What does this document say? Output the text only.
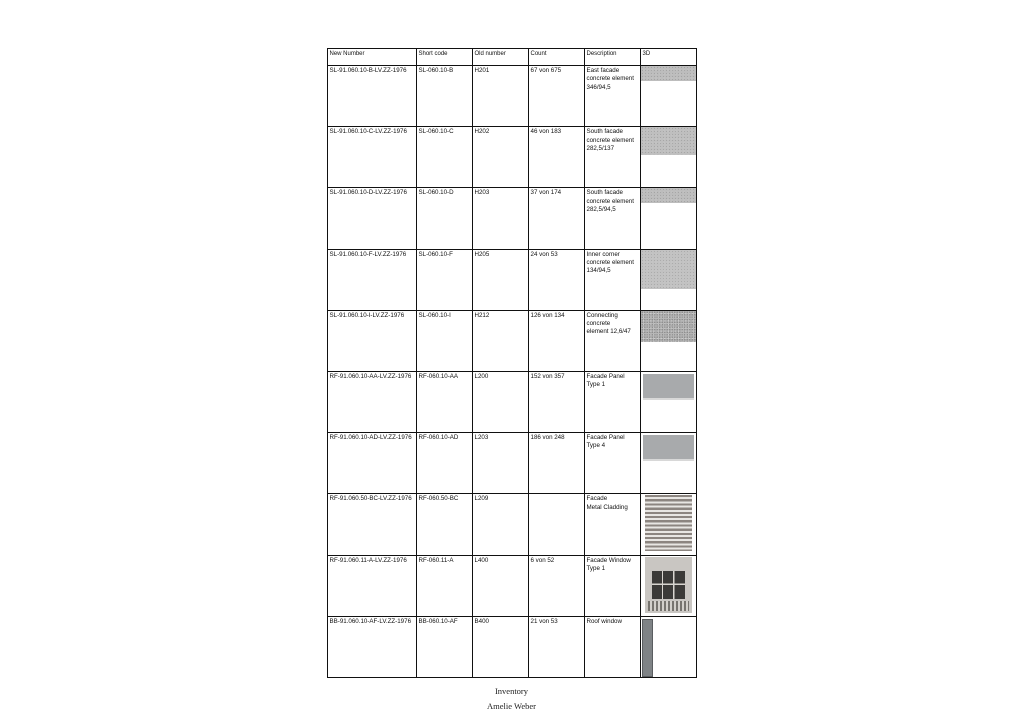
New Number	Short code	Old number	Count	Description	3D
SL-91.060.10-B-LV.ZZ-1976	SL-060.10-B	H201	67 von 675	East facade
concrete element
346/94,5	

SL-91.060.10-C-LV.ZZ-1976	SL-060.10-C	H202	46 von 183	South facade
concrete element
282,5/137	

SL-91.060.10-D-LV.ZZ-1976	SL-060.10-D	H203	37 von 174	South facade
concrete element
282,5/94,5	

SL-91.060.10-F-LV.ZZ-1976	SL-060.10-F	H205	24 von 53	Inner corner
concrete element
134/94,5	

SL-91.060.10-I-LV.ZZ-1976	SL-060.10-I	H212	126 von 134	Connecting concrete
element 12,6/47	

RF-91.060.10-AA-LV.ZZ-1976	RF-060.10-AA	L200	152 von 357	Facade Panel
Type 1	

RF-91.060.10-AD-LV.ZZ-1976	RF-060.10-AD	L203	186 von 248	Facade Panel
Type 4	

RF-91.060.50-BC-LV.ZZ-1976	RF-060.50-BC	L209		Facade
Metal Cladding	

RF-91.060.11-A-LV.ZZ-1976	RF-060.11-A	L400	6 von 52	Facade Window
Type 1	

BB-91.060.10-AF-LV.ZZ-1976	BB-060.10-AF	B400	21 von 53	Roof window	
Inventory
Amelie Weber
